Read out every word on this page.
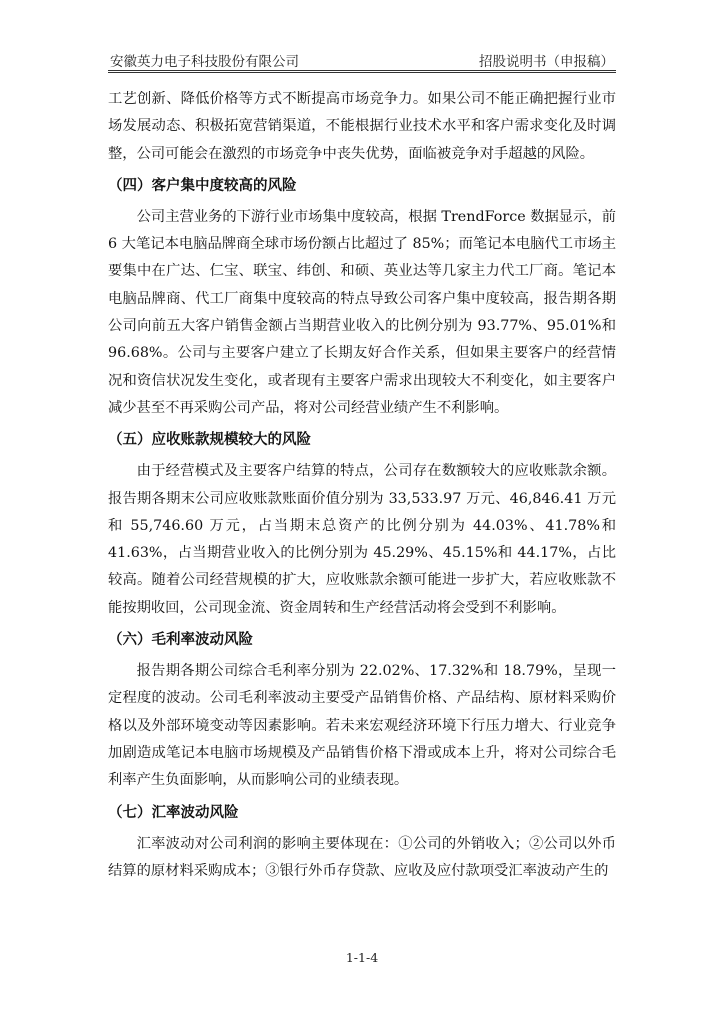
安徽英力电子科技股份有限公司	招股说明书（申报稿）

工艺创新、降低价格等方式不断提高市场竞争力。如果公司不能正确把握行业市场发展动态、积极拓宽营销渠道，不能根据行业技术水平和客户需求变化及时调整，公司可能会在激烈的市场竞争中丧失优势，面临被竞争对手超越的风险。

（四）客户集中度较高的风险

公司主营业务的下游行业市场集中度较高，根据 TrendForce 数据显示，前 6 大笔记本电脑品牌商全球市场份额占比超过了 85%；而笔记本电脑代工市场主要集中在广达、仁宝、联宝、纬创、和硕、英业达等几家主力代工厂商。笔记本电脑品牌商、代工厂商集中度较高的特点导致公司客户集中度较高，报告期各期公司向前五大客户销售金额占当期营业收入的比例分别为 93.77%、95.01%和 96.68%。公司与主要客户建立了长期友好合作关系，但如果主要客户的经营情况和资信状况发生变化，或者现有主要客户需求出现较大不利变化，如主要客户减少甚至不再采购公司产品，将对公司经营业绩产生不利影响。

（五）应收账款规模较大的风险

由于经营模式及主要客户结算的特点，公司存在数额较大的应收账款余额。报告期各期末公司应收账款账面价值分别为 33,533.97 万元、46,846.41 万元和 55,746.60 万元，占当期末总资产的比例分别为 44.03%、41.78%和 41.63%，占当期营业收入的比例分别为 45.29%、45.15%和 44.17%，占比较高。随着公司经营规模的扩大，应收账款余额可能进一步扩大，若应收账款不能按期收回，公司现金流、资金周转和生产经营活动将会受到不利影响。

（六）毛利率波动风险

报告期各期公司综合毛利率分别为 22.02%、17.32%和 18.79%，呈现一定程度的波动。公司毛利率波动主要受产品销售价格、产品结构、原材料采购价格以及外部环境变动等因素影响。若未来宏观经济环境下行压力增大、行业竞争加剧造成笔记本电脑市场规模及产品销售价格下滑或成本上升，将对公司综合毛利率产生负面影响，从而影响公司的业绩表现。

（七）汇率波动风险

汇率波动对公司利润的影响主要体现在：①公司的外销收入；②公司以外币结算的原材料采购成本；③银行外币存贷款、应收及应付款项受汇率波动产生的

1-1-4
